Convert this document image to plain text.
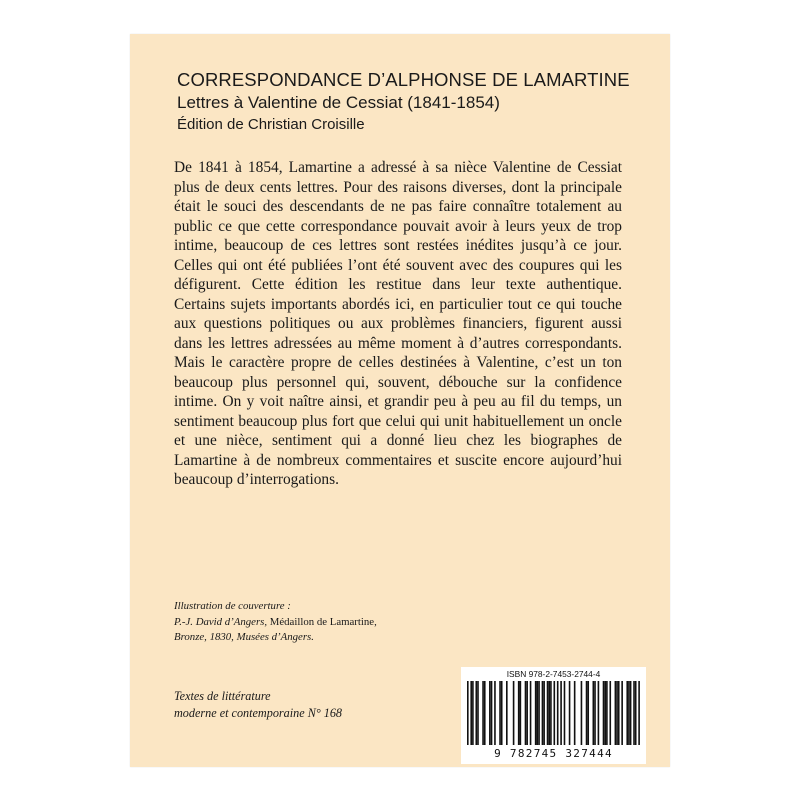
CORRESPONDANCE D’ALPHONSE DE LAMARTINE

Lettres à Valentine de Cessiat (1841-1854)

Édition de Christian Croisille

De 1841 à 1854, Lamartine a adressé à sa nièce Valentine de Cessiat plus de deux cents lettres. Pour des raisons diverses, dont la principale était le souci des descendants de ne pas faire connaître totalement au public ce que cette correspondance pouvait avoir à leurs yeux de trop intime, beaucoup de ces lettres sont restées inédites jusqu’à ce jour. Celles qui ont été publiées l’ont été souvent avec des coupures qui les défigurent. Cette édition les restitue dans leur texte authentique. Certains sujets importants abordés ici, en particulier tout ce qui touche aux questions politiques ou aux problèmes financiers, figurent aussi dans les lettres adressées au même moment à d’autres correspondants. Mais le caractère propre de celles destinées à Valentine, c’est un ton beaucoup plus personnel qui, souvent, débouche sur la confidence intime. On y voit naître ainsi, et grandir peu à peu au fil du temps, un sentiment beaucoup plus fort que celui qui unit habituellement un oncle et une nièce, sentiment qui a donné lieu chez les biographes de Lamartine à de nombreux commentaires et suscite encore aujourd’hui beaucoup d’interrogations.

Illustration de couverture :
P.-J. David d’Angers, Médaillon de Lamartine,
Bronze, 1830, Musées d’Angers.
Textes de littérature
moderne et contemporaine N° 168
ISBN 978-2-7453-2744-4
9 782745 327444
